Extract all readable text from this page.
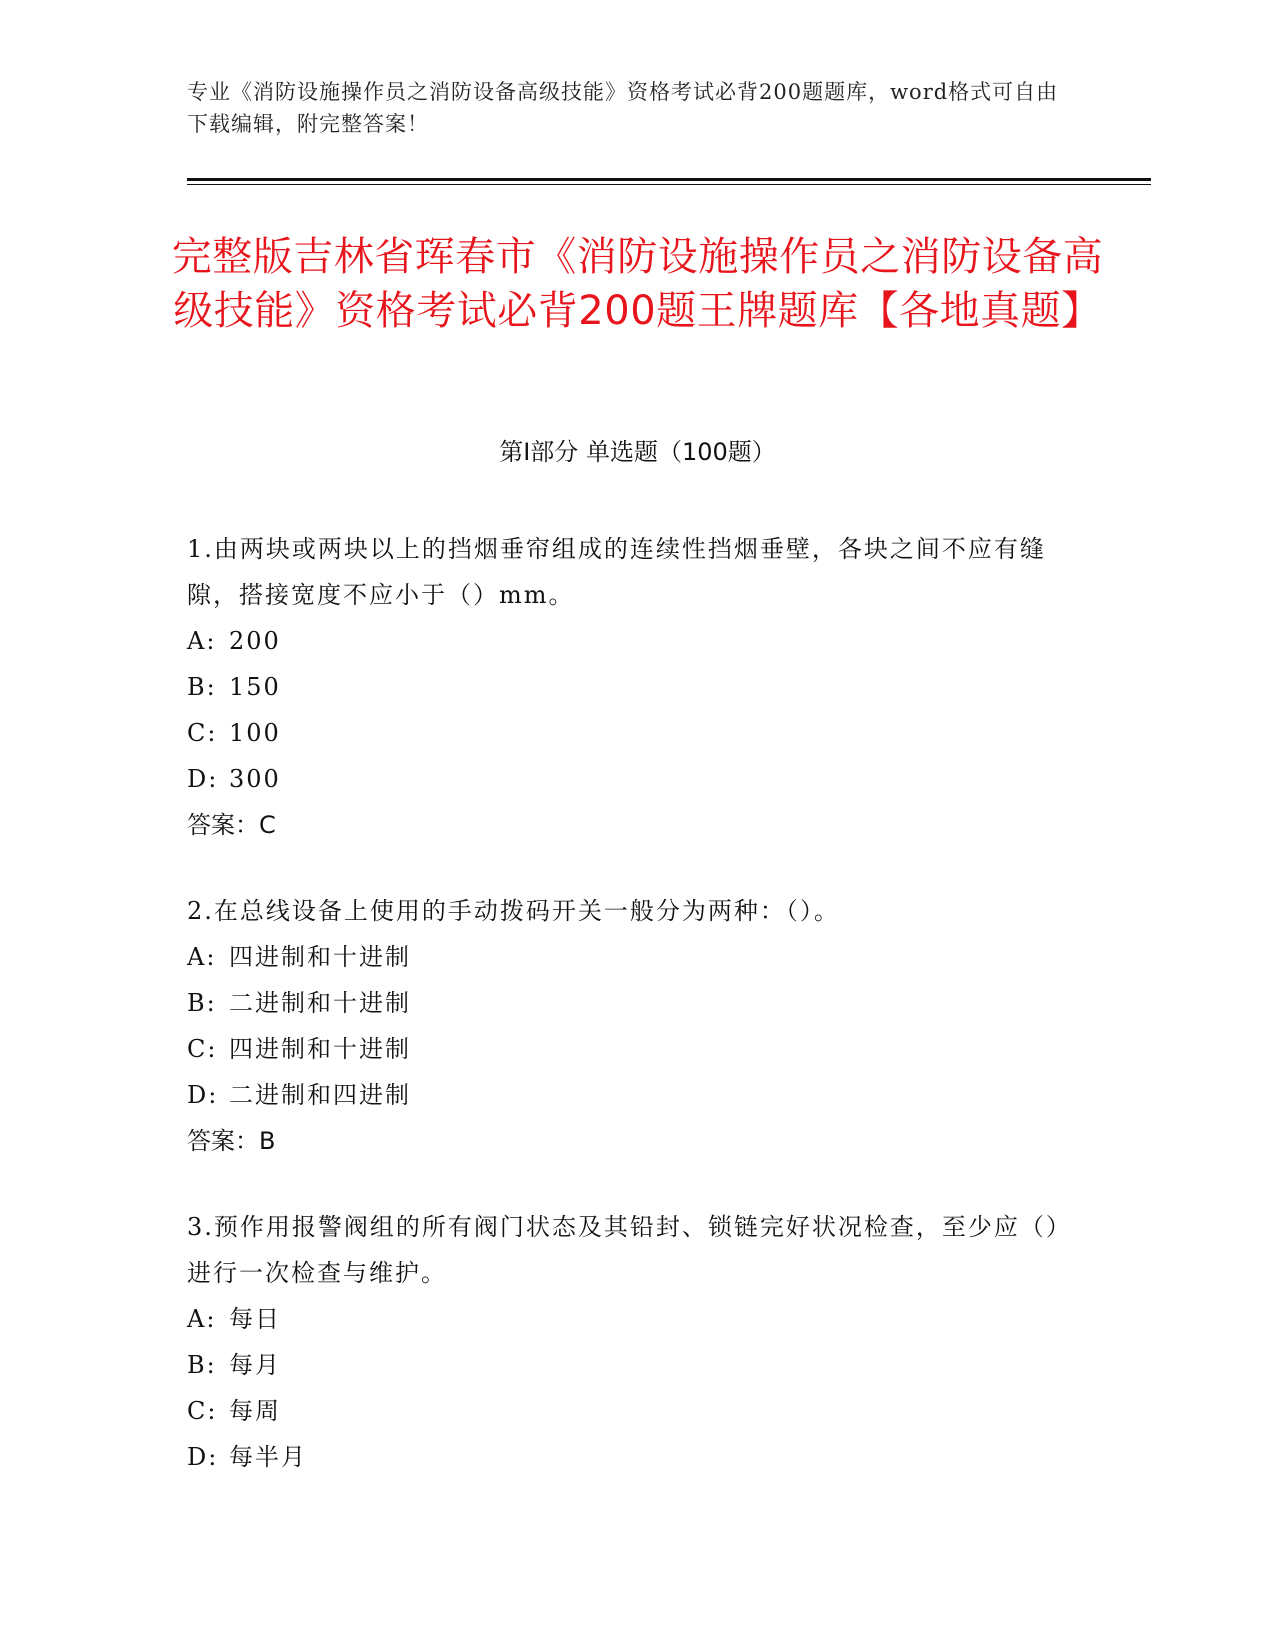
专业《消防设施操作员之消防设备高级技能》资格考试必背200题题库，word格式可自由下载编辑，附完整答案！
完整版吉林省珲春市《消防设施操作员之消防设备高级技能》资格考试必背200题王牌题库【各地真题】
第I部分 单选题（100题）

1.由两块或两块以上的挡烟垂帘组成的连续性挡烟垂壁，各块之间不应有缝隙，搭接宽度不应小于（）mm。

A: 200

B: 150

C: 100

D: 300

答案：C

2.在总线设备上使用的手动拨码开关一般分为两种：（）。

A: 四进制和十进制

B: 二进制和十进制

C: 四进制和十进制

D: 二进制和四进制

答案：B

3.预作用报警阀组的所有阀门状态及其铅封、锁链完好状况检查，至少应（）进行一次检查与维护。

A: 每日

B: 每月

C: 每周

D: 每半月
